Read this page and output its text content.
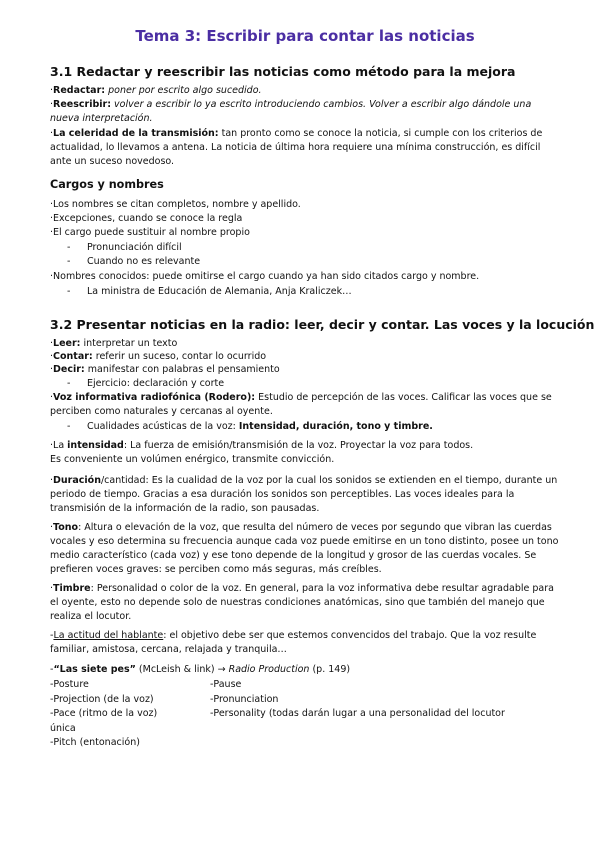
Tema 3: Escribir para contar las noticias
3.1 Redactar y reescribir las noticias como método para la mejora

·Redactar: poner por escrito algo sucedido.

·Reescribir: volver a escribir lo ya escrito introduciendo cambios. Volver a escribir algo dándole una nueva interpretación.

·La celeridad de la transmisión: tan pronto como se conoce la noticia, si cumple con los criterios de actualidad, lo llevamos a antena. La noticia de última hora requiere una mínima construcción, es difícil ante un suceso novedoso.

Cargos y nombres

·Los nombres se citan completos, nombre y apellido.

·Excepciones, cuando se conoce la regla

·El cargo puede sustituir al nombre propio

- Pronunciación difícil

- Cuando no es relevante

·Nombres conocidos: puede omitirse el cargo cuando ya han sido citados cargo y nombre.

- La ministra de Educación de Alemania, Anja Kraliczek…

3.2 Presentar noticias en la radio: leer, decir y contar. Las voces y la locución

·Leer: interpretar un texto

·Contar: referir un suceso, contar lo ocurrido

·Decir: manifestar con palabras el pensamiento

- Ejercicio: declaración y corte

·Voz informativa radiofónica (Rodero): Estudio de percepción de las voces. Calificar las voces que se perciben como naturales y cercanas al oyente.

- Cualidades acústicas de la voz: Intensidad, duración, tono y timbre.

·La intensidad: La fuerza de emisión/transmisión de la voz. Proyectar la voz para todos.
Es conveniente un volúmen enérgico, transmite convicción.

·Duración/cantidad: Es la cualidad de la voz por la cual los sonidos se extienden en el tiempo, durante un periodo de tiempo. Gracias a esa duración los sonidos son perceptibles. Las voces ideales para la transmisión de la información de la radio, son pausadas.

·Tono: Altura o elevación de la voz, que resulta del número de veces por segundo que vibran las cuerdas vocales y eso determina su frecuencia aunque cada voz puede emitirse en un tono distinto, posee un tono medio característico (cada voz) y ese tono depende de la longitud y grosor de las cuerdas vocales. Se prefieren voces graves: se perciben como más seguras, más creíbles.

·Timbre: Personalidad o color de la voz. En general, para la voz informativa debe resultar agradable para el oyente, esto no depende solo de nuestras condiciones anatómicas, sino que también del manejo que realiza el locutor.

-La actitud del hablante: el objetivo debe ser que estemos convencidos del trabajo. Que la voz resulte familiar, amistosa, cercana, relajada y tranquila…

-“Las siete pes” (McLeish & link) → Radio Production (p. 149)

-Posture
-Projection (de la voz)
-Pace (ritmo de la voz)
única
-Pitch (entonación)
-Pause
-Pronunciation
-Personality (todas darán lugar a una personalidad del locutor
